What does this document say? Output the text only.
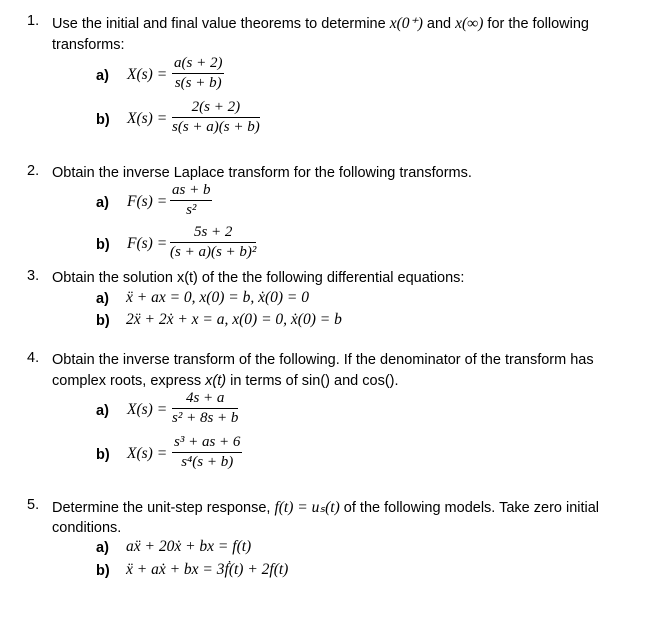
1. Use the initial and final value theorems to determine x(0⁺) and x(∞) for the following
transforms:
a) $X(s) = \frac{a(s + 2)}{s(s + b)}$
b) $X(s) = \frac{2(s + 2)}{s(s + a)(s + b)}$
2. Obtain the inverse Laplace transform for the following transforms.
a) $F(s) = \frac{as + b}{\text{s²}}$
b) $F(s) = \frac{5s + 2}{\text{(s + a)(s + b)²}}$
3. Obtain the solution x(t) of the the following differential equations:
a) ẍ + ax = 0, x(0) = b, ẋ(0) = 0
b) 2ẍ + 2ẋ + x = a, x(0) = 0, ẋ(0) = b
4. Obtain the inverse transform of the following. If the denominator of the transform has
complex roots, express x(t) in terms of sin() and cos().
a) $X(s) = \frac{4s + a}{\text{s² + 8s + b}}$
b) $X(s) = \frac{\text{s³ + as + 6}}{\text{s⁴(s + b)}}$
5. Determine the unit-step response, f(t) = uₛ(t) of the following models. Take zero initial
conditions.
a) aẍ + 20ẋ + bx = f(t)
b) ẍ + aẋ + bx = 3ḟ(t) + 2f(t)
